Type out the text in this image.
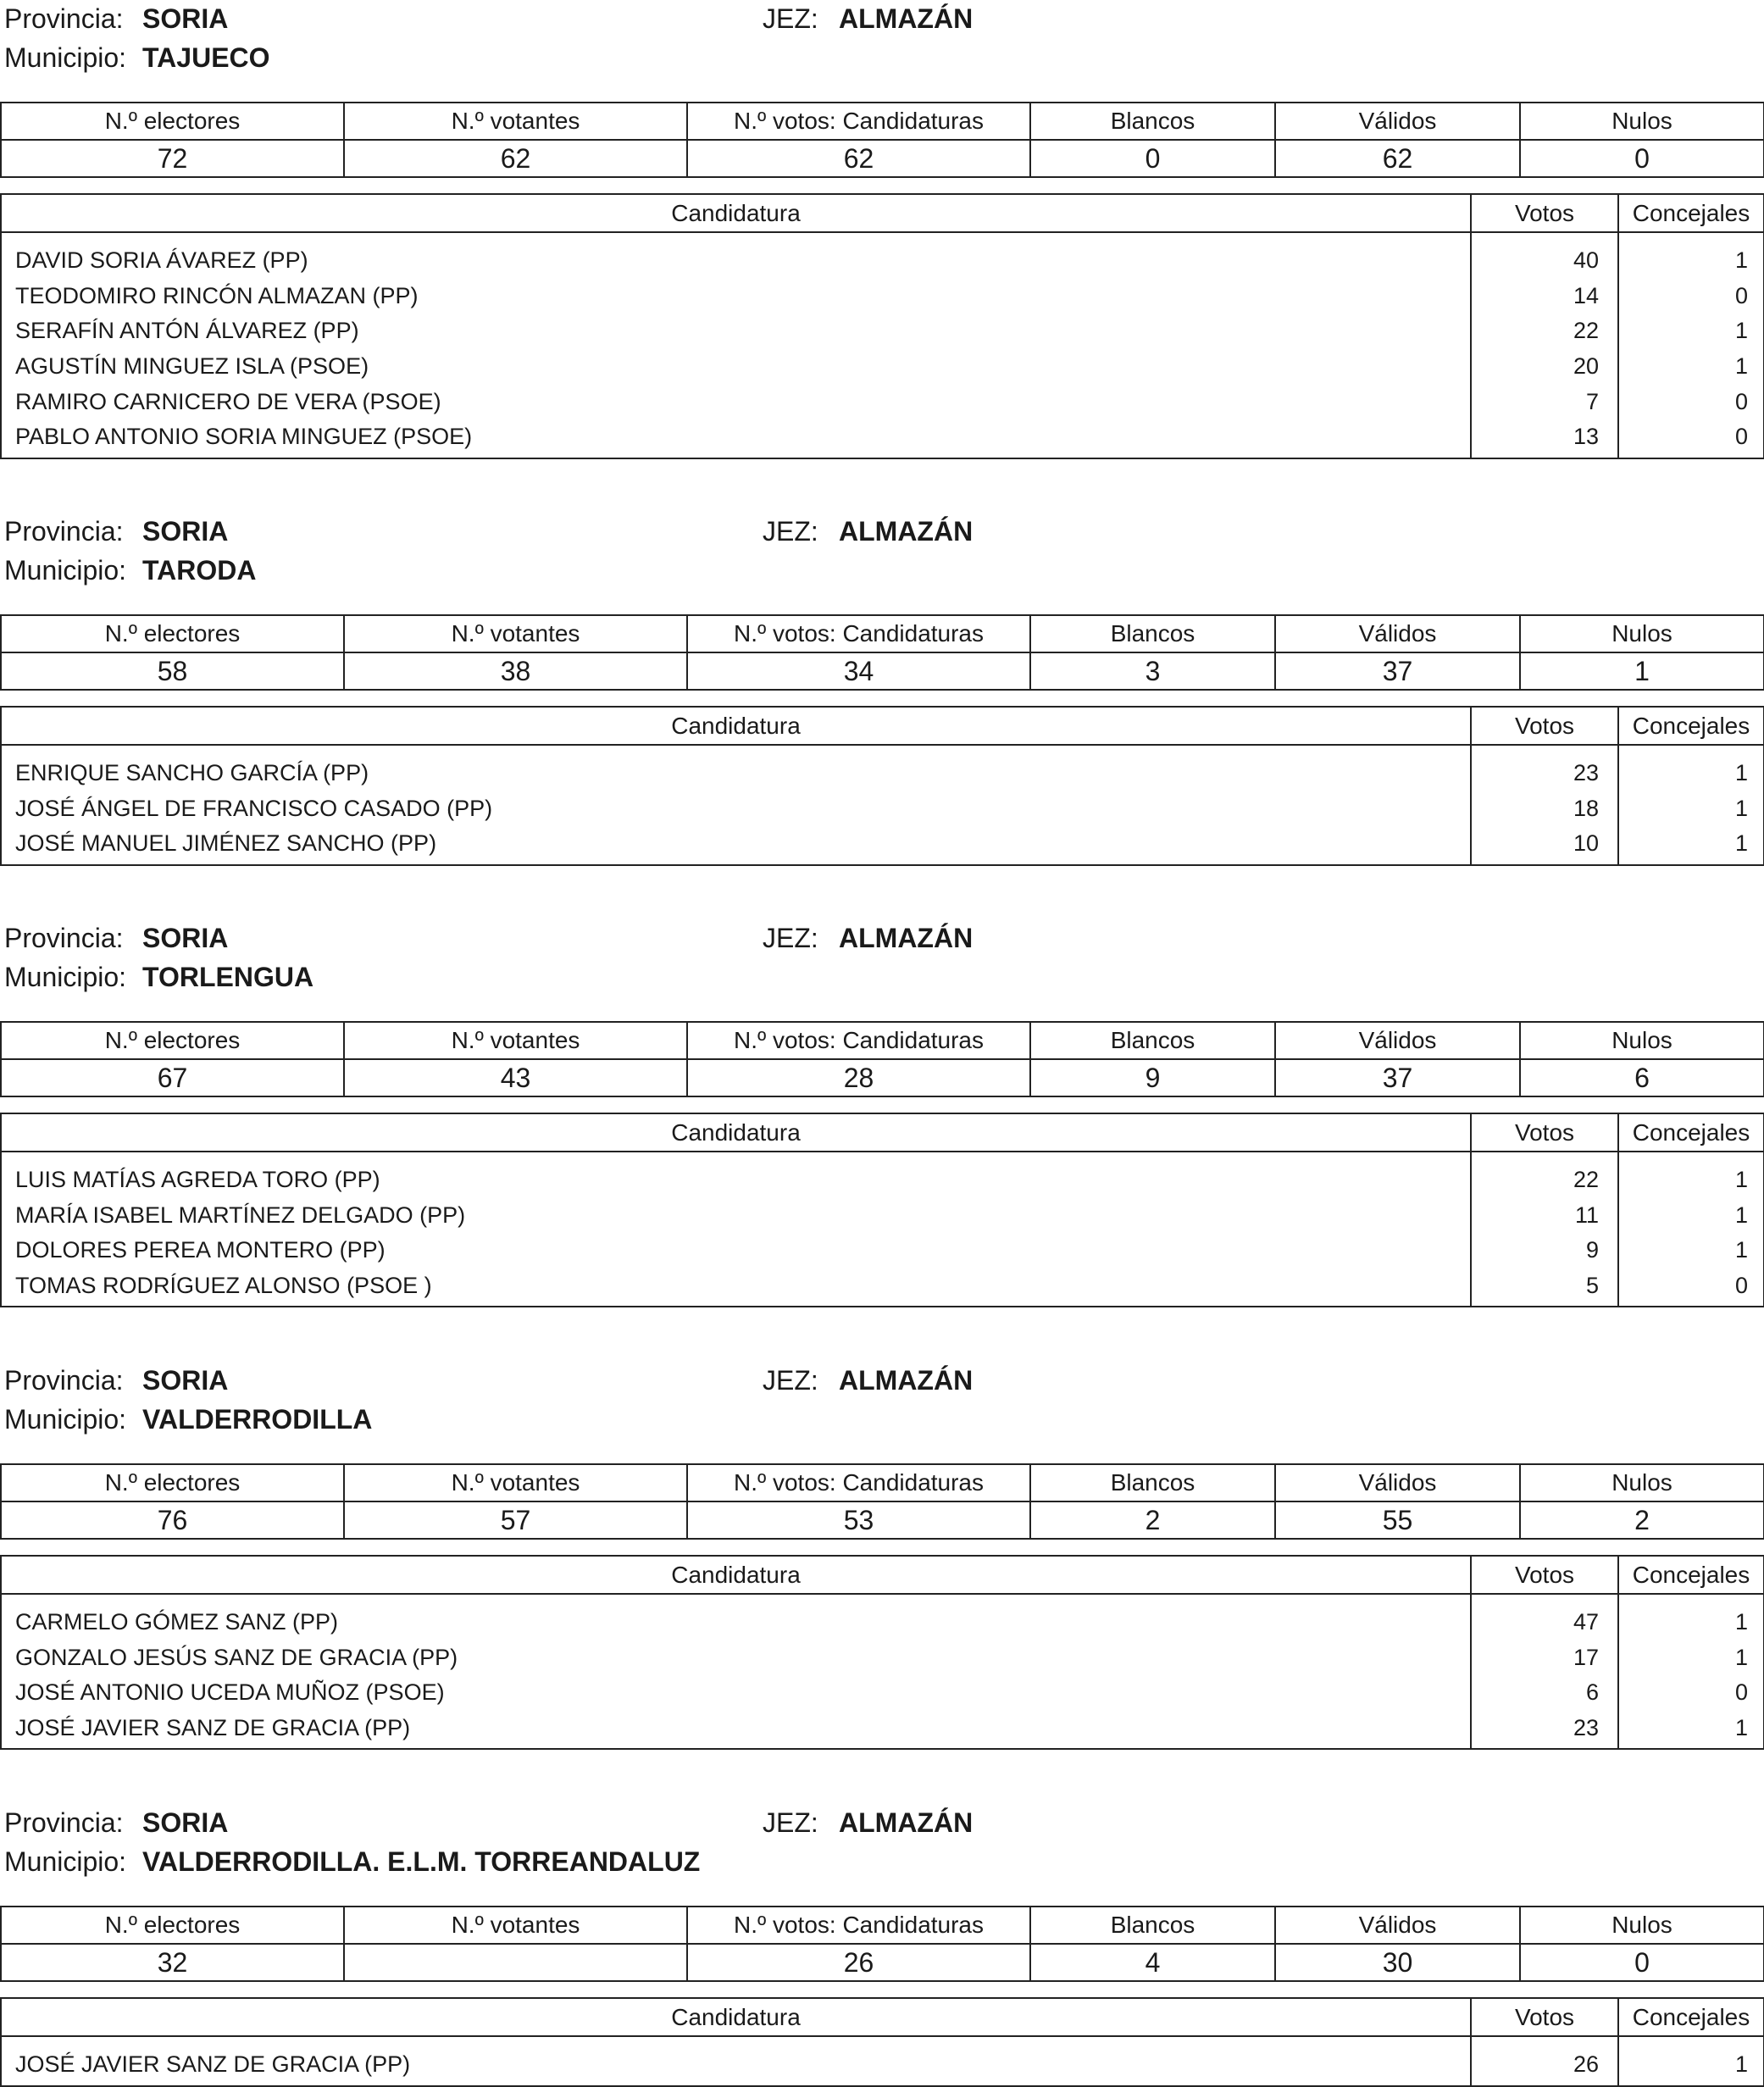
Provincia: SORIA	JEZ: ALMAZÁN
Municipio: TAJUECO
N.º electores	N.º votantes	N.º votos: Candidaturas	Blancos	Válidos	Nulos
72	62	62	0	62	0
Candidatura	Votos	Concejales
DAVID SORIA ÁVAREZ (PP)	40	1
TEODOMIRO RINCÓN ALMAZAN (PP)	14	0
SERAFÍN ANTÓN ÁLVAREZ (PP)	22	1
AGUSTÍN MINGUEZ ISLA (PSOE)	20	1
RAMIRO CARNICERO DE VERA (PSOE)	7	0
PABLO ANTONIO SORIA MINGUEZ (PSOE)	13	0
Provincia: SORIA	JEZ: ALMAZÁN
Municipio: TARODA
N.º electores	N.º votantes	N.º votos: Candidaturas	Blancos	Válidos	Nulos
58	38	34	3	37	1
Candidatura	Votos	Concejales
ENRIQUE SANCHO GARCÍA (PP)	23	1
JOSÉ ÁNGEL DE FRANCISCO CASADO (PP)	18	1
JOSÉ MANUEL JIMÉNEZ SANCHO (PP)	10	1
Provincia: SORIA	JEZ: ALMAZÁN
Municipio: TORLENGUA
N.º electores	N.º votantes	N.º votos: Candidaturas	Blancos	Válidos	Nulos
67	43	28	9	37	6
Candidatura	Votos	Concejales
LUIS MATÍAS AGREDA TORO (PP)	22	1
MARÍA ISABEL MARTÍNEZ DELGADO (PP)	11	1
DOLORES PEREA MONTERO (PP)	9	1
TOMAS RODRÍGUEZ ALONSO (PSOE )	5	0
Provincia: SORIA	JEZ: ALMAZÁN
Municipio: VALDERRODILLA
N.º electores	N.º votantes	N.º votos: Candidaturas	Blancos	Válidos	Nulos
76	57	53	2	55	2
Candidatura	Votos	Concejales
CARMELO GÓMEZ SANZ (PP)	47	1
GONZALO JESÚS SANZ DE GRACIA (PP)	17	1
JOSÉ ANTONIO UCEDA MUÑOZ (PSOE)	6	0
JOSÉ JAVIER SANZ DE GRACIA (PP)	23	1
Provincia: SORIA	JEZ: ALMAZÁN
Municipio: VALDERRODILLA. E.L.M. TORREANDALUZ
N.º electores	N.º votantes	N.º votos: Candidaturas	Blancos	Válidos	Nulos
32		26	4	30	0
Candidatura	Votos	Concejales
JOSÉ JAVIER SANZ DE GRACIA (PP)	26	1
